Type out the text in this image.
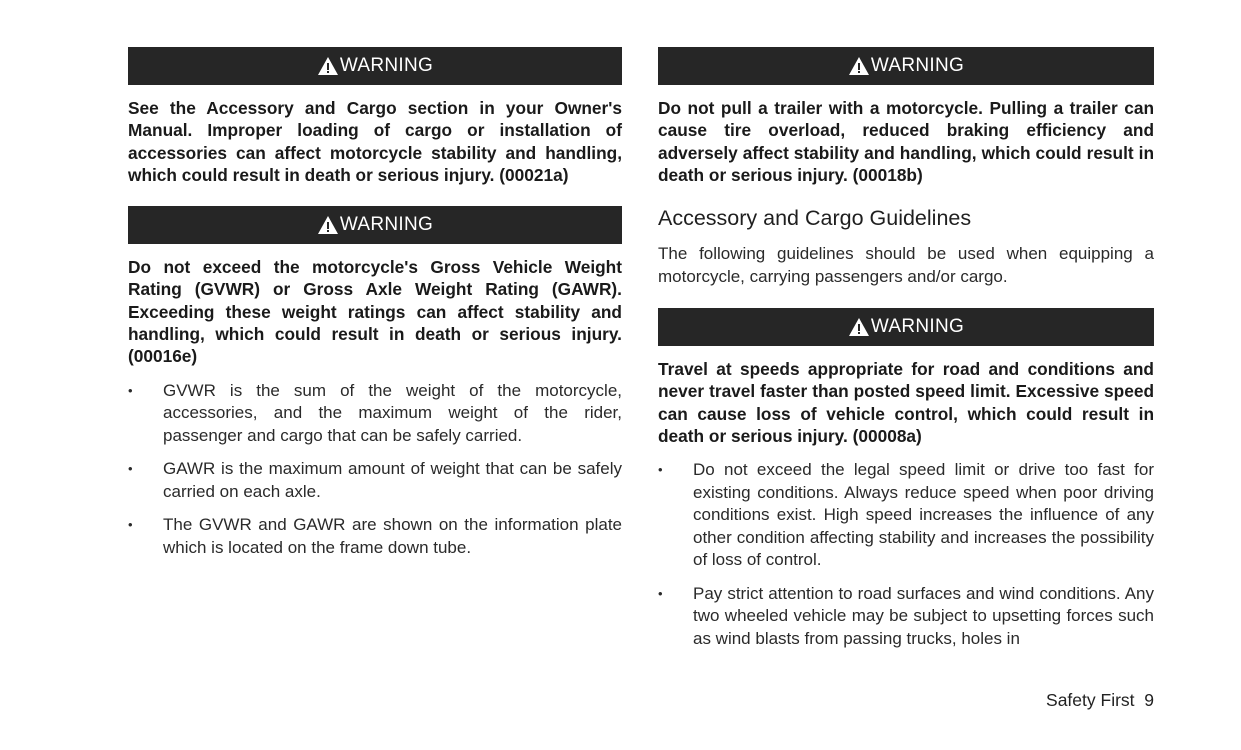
WARNING

See the Accessory and Cargo section in your Owner's Manual. Improper loading of cargo or installation of accessories can affect motorcycle stability and handling, which could result in death or serious injury. (00021a)

WARNING

Do not exceed the motorcycle's Gross Vehicle Weight Rating (GVWR) or Gross Axle Weight Rating (GAWR). Exceeding these weight ratings can affect stability and handling, which could result in death or serious injury. (00016e)

•	GVWR is the sum of the weight of the motorcycle, accessories, and the maximum weight of the rider, passenger and cargo that can be safely carried.
•	GAWR is the maximum amount of weight that can be safely carried on each axle.
•	The GVWR and GAWR are shown on the information plate which is located on the frame down tube.
WARNING

Do not pull a trailer with a motorcycle. Pulling a trailer can cause tire overload, reduced braking efficiency and adversely affect stability and handling, which could result in death or serious injury. (00018b)

Accessory and Cargo Guidelines

The following guidelines should be used when equipping a motorcycle, carrying passengers and/or cargo.

WARNING

Travel at speeds appropriate for road and conditions and never travel faster than posted speed limit. Excessive speed can cause loss of vehicle control, which could result in death or serious injury. (00008a)

•	Do not exceed the legal speed limit or drive too fast for existing conditions. Always reduce speed when poor driving conditions exist. High speed increases the influence of any other condition affecting stability and increases the possibility of loss of control.
•	Pay strict attention to road surfaces and wind conditions. Any two wheeled vehicle may be subject to upsetting forces such as wind blasts from passing trucks, holes in
Safety First 9
